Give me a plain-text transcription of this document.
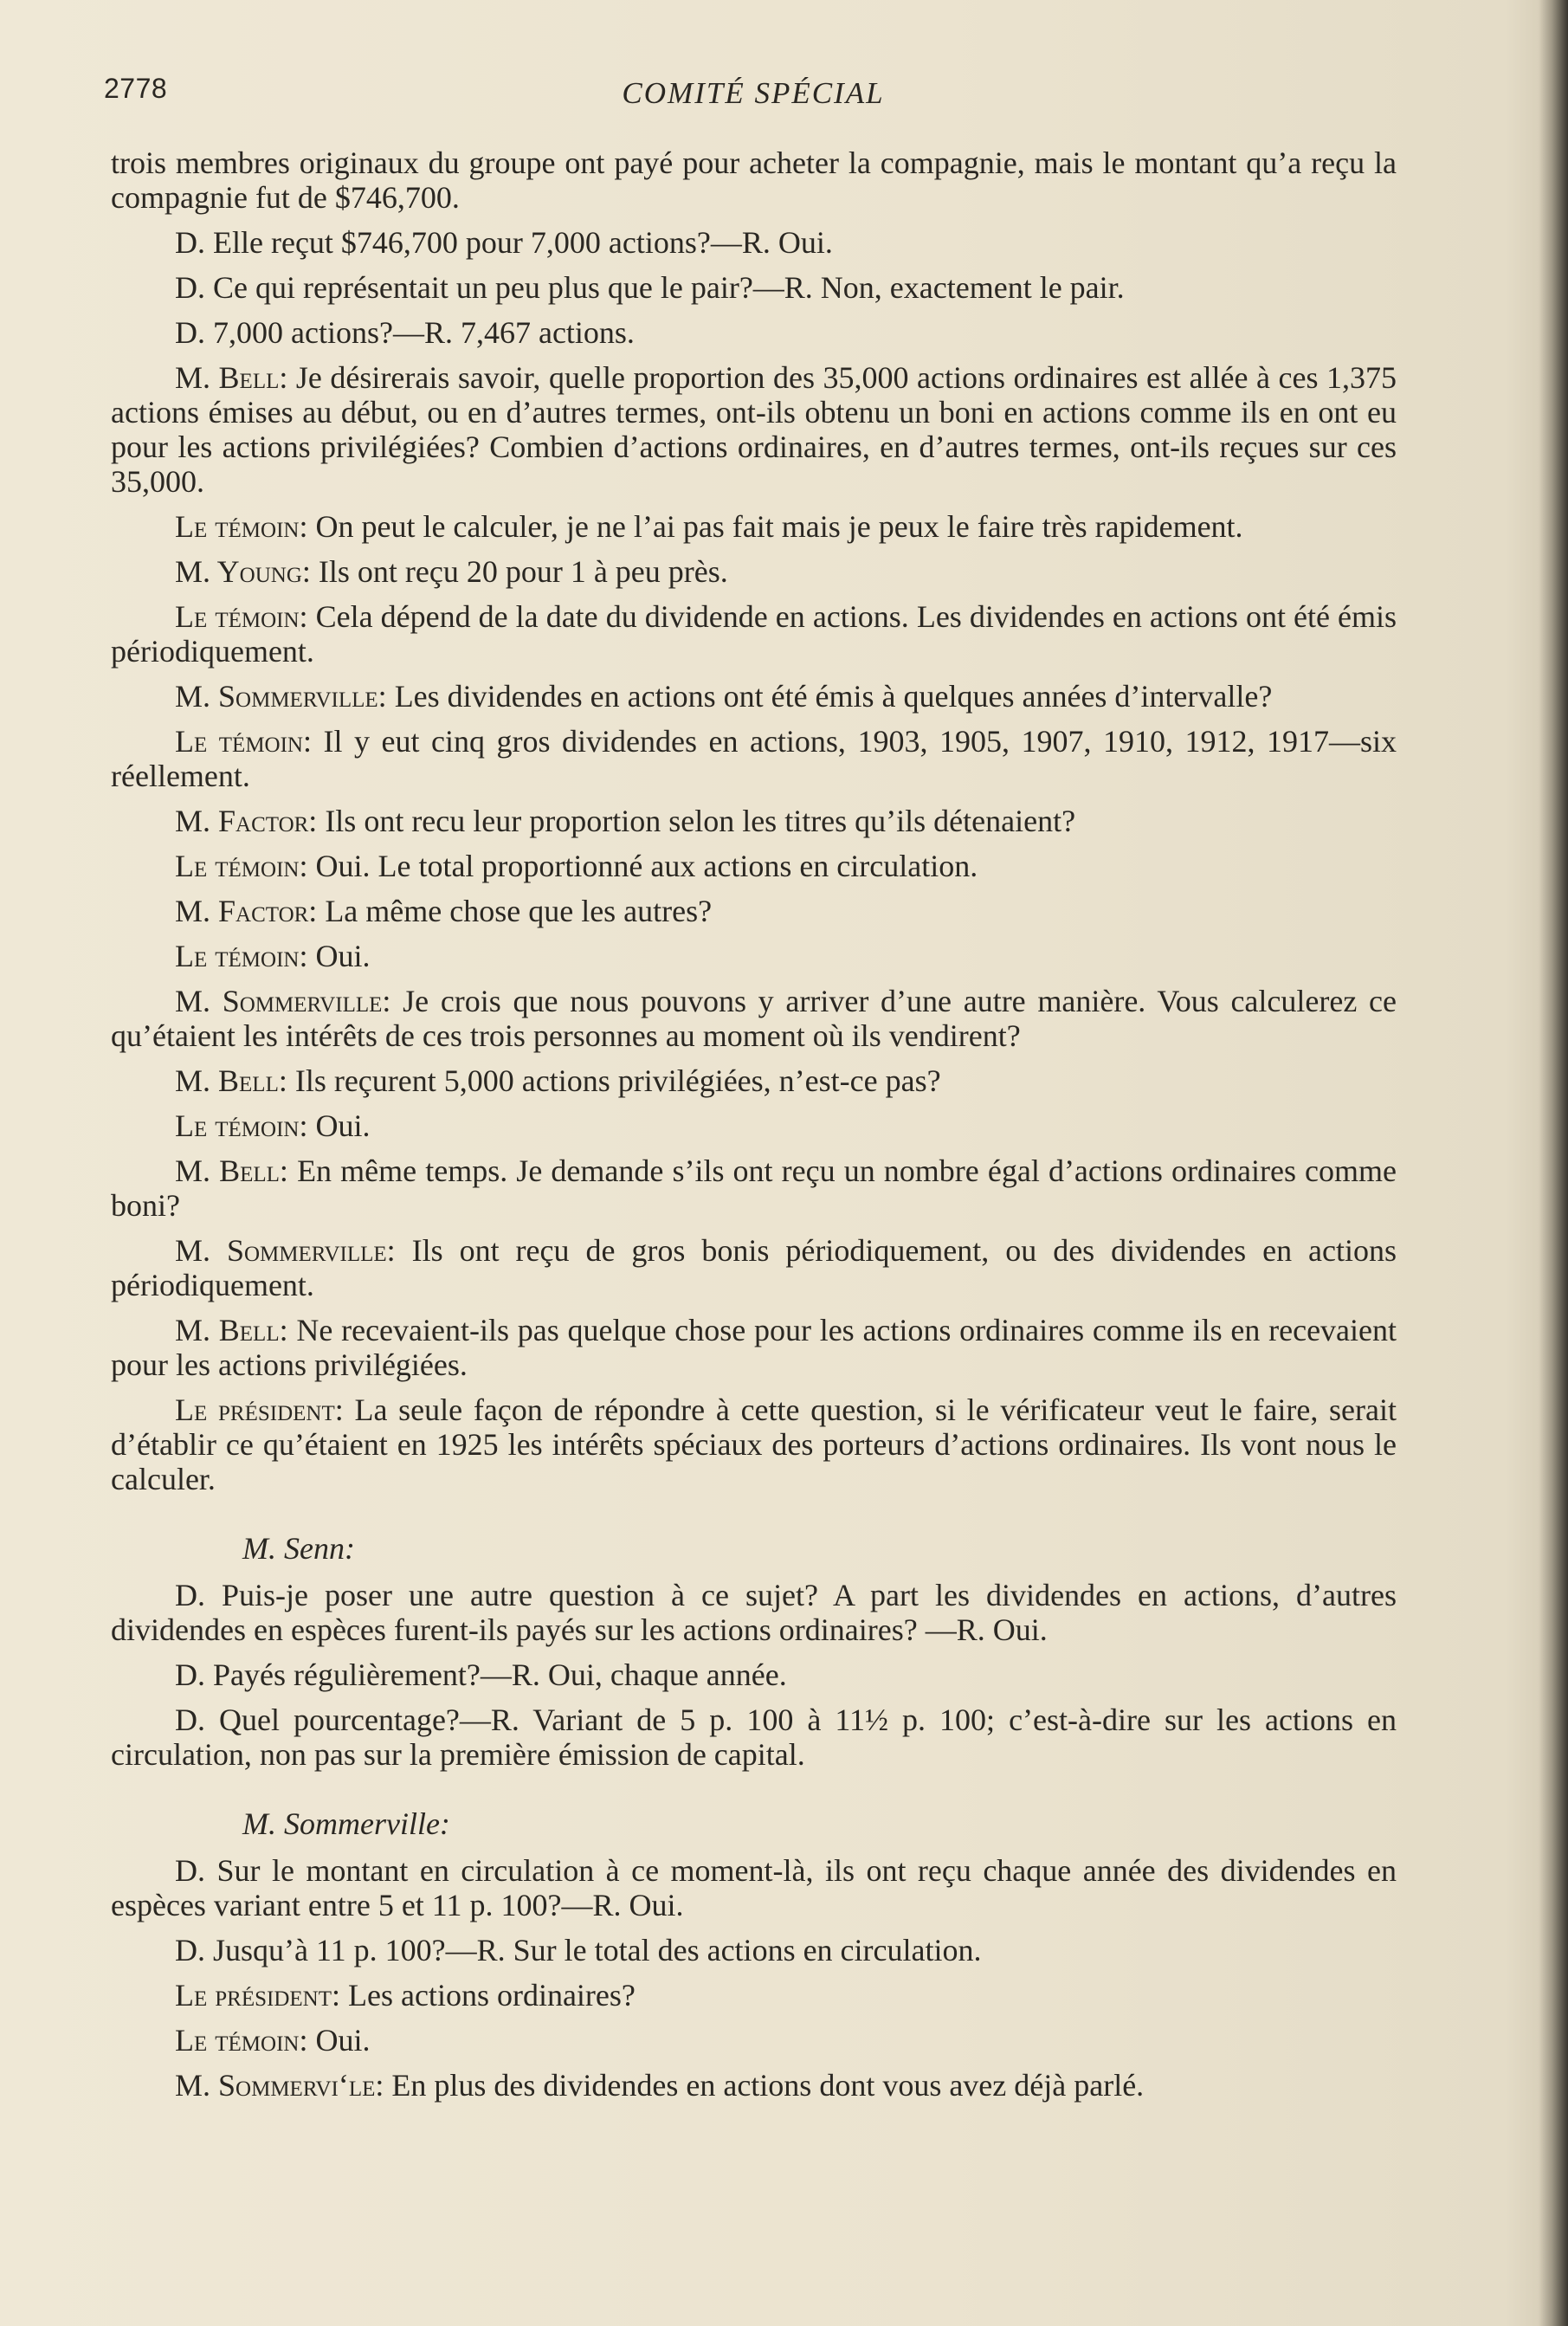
2778	COMITÉ SPÉCIAL

trois membres originaux du groupe ont payé pour acheter la compagnie, mais le montant qu’a reçu la compagnie fut de $746,700.

D. Elle reçut $746,700 pour 7,000 actions?—R. Oui.

D. Ce qui représentait un peu plus que le pair?—R. Non, exactement le pair.

D. 7,000 actions?—R. 7,467 actions.

M. Bell: Je désirerais savoir, quelle proportion des 35,000 actions ordinaires est allée à ces 1,375 actions émises au début, ou en d’autres termes, ont-ils obtenu un boni en actions comme ils en ont eu pour les actions privilégiées? Combien d’actions ordinaires, en d’autres termes, ont-ils reçues sur ces 35,000.

Le témoin: On peut le calculer, je ne l’ai pas fait mais je peux le faire très rapidement.

M. Young: Ils ont reçu 20 pour 1 à peu près.

Le témoin: Cela dépend de la date du dividende en actions. Les dividendes en actions ont été émis périodiquement.

M. Sommerville: Les dividendes en actions ont été émis à quelques années d’intervalle?

Le témoin: Il y eut cinq gros dividendes en actions, 1903, 1905, 1907, 1910, 1912, 1917—six réellement.

M. Factor: Ils ont recu leur proportion selon les titres qu’ils détenaient?

Le témoin: Oui. Le total proportionné aux actions en circulation.

M. Factor: La même chose que les autres?

Le témoin: Oui.

M. Sommerville: Je crois que nous pouvons y arriver d’une autre manière. Vous calculerez ce qu’étaient les intérêts de ces trois personnes au moment où ils vendirent?

M. Bell: Ils reçurent 5,000 actions privilégiées, n’est-ce pas?

Le témoin: Oui.

M. Bell: En même temps. Je demande s’ils ont reçu un nombre égal d’actions ordinaires comme boni?

M. Sommerville: Ils ont reçu de gros bonis périodiquement, ou des dividendes en actions périodiquement.

M. Bell: Ne recevaient-ils pas quelque chose pour les actions ordinaires comme ils en recevaient pour les actions privilégiées.

Le président: La seule façon de répondre à cette question, si le vérificateur veut le faire, serait d’établir ce qu’étaient en 1925 les intérêts spéciaux des porteurs d’actions ordinaires. Ils vont nous le calculer.

M. Senn:

D. Puis-je poser une autre question à ce sujet? A part les dividendes en actions, d’autres dividendes en espèces furent-ils payés sur les actions ordinaires? —R. Oui.

D. Payés régulièrement?—R. Oui, chaque année.

D. Quel pourcentage?—R. Variant de 5 p. 100 à 11½ p. 100; c’est-à-dire sur les actions en circulation, non pas sur la première émission de capital.

M. Sommerville:

D. Sur le montant en circulation à ce moment-là, ils ont reçu chaque année des dividendes en espèces variant entre 5 et 11 p. 100?—R. Oui.

D. Jusqu’à 11 p. 100?—R. Sur le total des actions en circulation.

Le président: Les actions ordinaires?

Le témoin: Oui.

M. Sommervi‘le: En plus des dividendes en actions dont vous avez déjà parlé.
